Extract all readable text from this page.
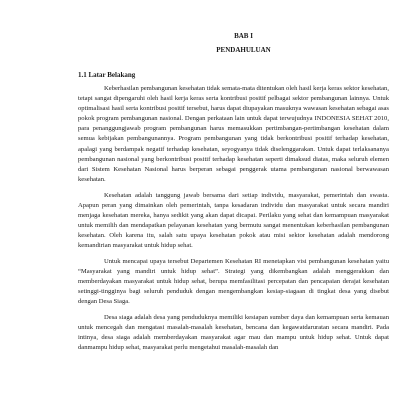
BAB I

PENDAHULUAN

1.1 Latar Belakang

Keberhasilan pembangunan kesehatan tidak semata-mata ditentukan oleh hasil kerja keras sektor kesehatan, tetapi sangat dipengaruhi oleh hasil kerja keras serta kontribusi positif pelbagai sektor pembangunan lainnya. Untuk optimalisasi hasil serta kontribusi positif tersebut, harus dapat diupayakan masuknya wawasan kesehatan sebagai asas pokok program pembangunan nasional. Dengan perkataan lain untuk dapat terwujudnya INDONESIA SEHAT 2010, para penanggungjawab program pembangunan harus memasukkan pertimbangan-pertimbangan kesehatan dalam semua kebijakan pembangunannya. Program pembangunan yang tidak berkontribusi positif terhadap kesehatan, apalagi yang berdampak negatif terhadap kesehatan, seyogyanya tidak diselenggarakan. Untuk dapat terlaksananya pembangunan nasional yang berkontribusi positif terhadap kesehatan seperti dimaksud diatas, maka seluruh elemen dari Sistem Kesehatan Nasional harus berperan sebagai penggerak utama pembangunan nasional berwawasan kesehatan.

Kesehatan adalah tanggung jawab bersama dari setiap individu, masyarakat, pemerintah dan swasta. Apapun peran yang dimainkan oleh pemerintah, tanpa kesadaran individu dan masyarakat untuk secara mandiri menjaga kesehatan mereka, hanya sedikit yang akan dapat dicapai. Perilaku yang sehat dan kemampuan masyarakat untuk memilih dan mendapatkan pelayanan kesehatan yang bermutu sangat menentukan keberhasilan pembangunan kesehatan. Oleh karena itu, salah satu upaya kesehatan pokok atau misi sektor kesehatan adalah mendorong kemandirian masyarakat untuk hidup sehat.

Untuk mencapai upaya tersebut Departemen Kesehatan RI menetapkan visi pembangunan kesehatan yaitu “Masyarakat yang mandiri untuk hidup sehat”. Strategi yang dikembangkan adalah menggerakkan dan memberdayakan masyarakat untuk hidup sehat, berupa memfasilitasi percepatan dan pencapaian derajat kesehatan setinggi-tingginya bagi seluruh penduduk dengan mengembangkan kesiap-siagaan di tingkat desa yang disebut dengan Desa Siaga.

Desa siaga adalah desa yang penduduknya memiliki kesiapan sumber daya dan kemampuan serta kemauan untuk mencegah dan mengatasi masalah-masalah kesehatan, bencana dan kegawatdaruratan secara mandiri. Pada intinya, desa siaga adalah memberdayakan masyarakat agar mau dan mampu untuk hidup sehat. Untuk dapat danmampu hidup sehat, masyarakat perlu mengetahui masalah-masalah dan
